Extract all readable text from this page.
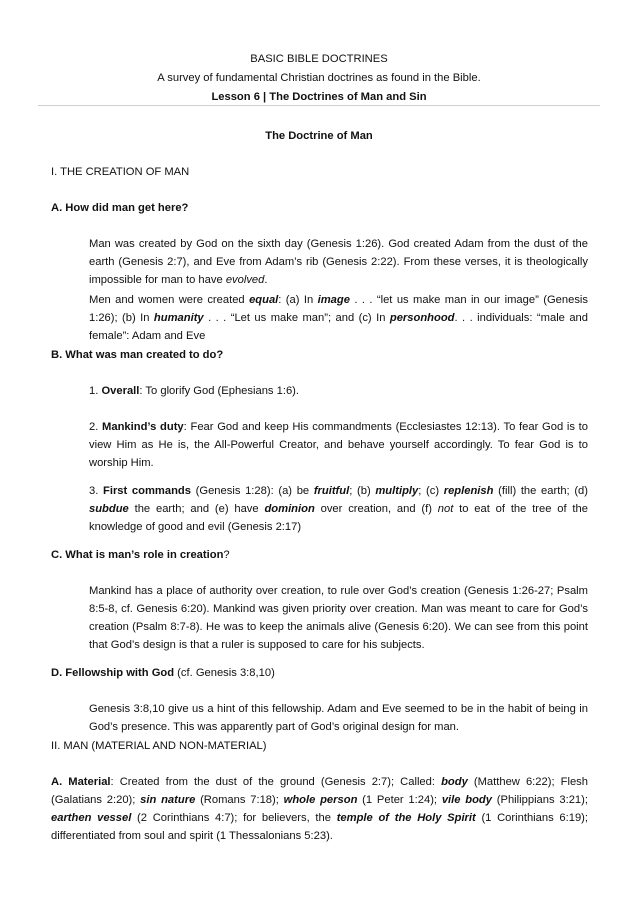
BASIC BIBLE DOCTRINES
A survey of fundamental Christian doctrines as found in the Bible.
Lesson 6 | The Doctrines of Man and Sin
The Doctrine of Man
I. THE CREATION OF MAN
A. How did man get here?
Man was created by God on the sixth day (Genesis 1:26). God created Adam from the dust of the earth (Genesis 2:7), and Eve from Adam’s rib (Genesis 2:22). From these verses, it is theologically impossible for man to have evolved.
Men and women were created equal: (a) In image . . . “let us make man in our image” (Genesis 1:26); (b) In humanity . . . “Let us make man”; and (c) In personhood. . . individuals: “male and female”: Adam and Eve
B. What was man created to do?
1. Overall: To glorify God (Ephesians 1:6).
2. Mankind’s duty: Fear God and keep His commandments (Ecclesiastes 12:13). To fear God is to view Him as He is, the All-Powerful Creator, and behave yourself accordingly. To fear God is to worship Him.
3. First commands (Genesis 1:28): (a) be fruitful; (b) multiply; (c) replenish (fill) the earth; (d) subdue the earth; and (e) have dominion over creation, and (f) not to eat of the tree of the knowledge of good and evil (Genesis 2:17)
C. What is man’s role in creation?
Mankind has a place of authority over creation, to rule over God’s creation (Genesis 1:26-27; Psalm 8:5-8, cf. Genesis 6:20). Mankind was given priority over creation. Man was meant to care for God’s creation (Psalm 8:7-8). He was to keep the animals alive (Genesis 6:20). We can see from this point that God’s design is that a ruler is supposed to care for his subjects.
D. Fellowship with God (cf. Genesis 3:8,10)
Genesis 3:8,10 give us a hint of this fellowship. Adam and Eve seemed to be in the habit of being in God’s presence. This was apparently part of God’s original design for man.
II. MAN (MATERIAL AND NON-MATERIAL)
A. Material: Created from the dust of the ground (Genesis 2:7); Called: body (Matthew 6:22); Flesh (Galatians 2:20); sin nature (Romans 7:18); whole person (1 Peter 1:24); vile body (Philippians 3:21); earthen vessel (2 Corinthians 4:7); for believers, the temple of the Holy Spirit (1 Corinthians 6:19); differentiated from soul and spirit (1 Thessalonians 5:23).
